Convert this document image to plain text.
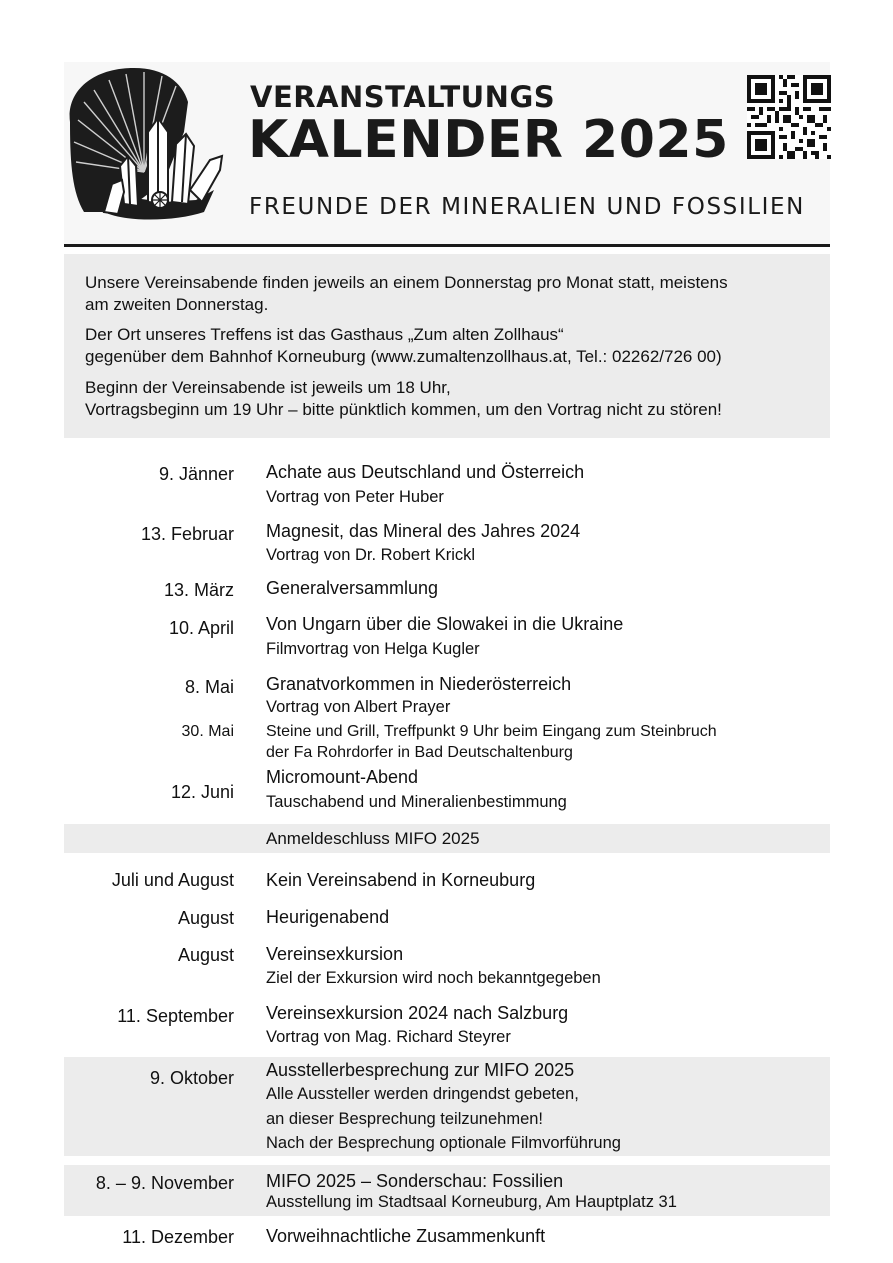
VERANSTALTUNGS
KALENDER 2025
FREUNDE DER MINERALIEN UND FOSSILIEN

Unsere Vereinsabende finden jeweils an einem Donnerstag pro Monat statt, meistens

am zweiten Donnerstag.

Der Ort unseres Treffens ist das Gasthaus „Zum alten Zollhaus“

gegenüber dem Bahnhof Korneuburg (www.zumaltenzollhaus.at, Tel.: 02262/726 00)

Beginn der Vereinsabende ist jeweils um 18 Uhr,

Vortragsbeginn um 19 Uhr – bitte pünktlich kommen, um den Vortrag nicht zu stören!

9. Jänner Achate aus Deutschland und Österreich
Vortrag von Peter Huber
13. Februar Magnesit, das Mineral des Jahres 2024
Vortrag von Dr. Robert Krickl
13. März Generalversammlung
10. April Von Ungarn über die Slowakei in die Ukraine
Filmvortrag von Helga Kugler
8. Mai Granatvorkommen in Niederösterreich
Vortrag von Albert Prayer
30. Mai Steine und Grill, Treffpunkt 9 Uhr beim Eingang zum Steinbruch
der Fa Rohrdorfer in Bad Deutschaltenburg
12. Juni
Micromount-Abend
Tauschabend und Mineralienbestimmung
Anmeldeschluss MIFO 2025
Juli und August Kein Vereinsabend in Korneuburg
August Heurigenabend
August Vereinsexkursion
Ziel der Exkursion wird noch bekanntgegeben
11. September Vereinsexkursion 2024 nach Salzburg
Vortrag von Mag. Richard Steyrer
9. Oktober Ausstellerbesprechung zur MIFO 2025
Alle Aussteller werden dringendst gebeten,
an dieser Besprechung teilzunehmen!
Nach der Besprechung optionale Filmvorführung
8. – 9. November MIFO 2025 – Sonderschau: Fossilien
Ausstellung im Stadtsaal Korneuburg, Am Hauptplatz 31
11. Dezember Vorweihnachtliche Zusammenkunft
